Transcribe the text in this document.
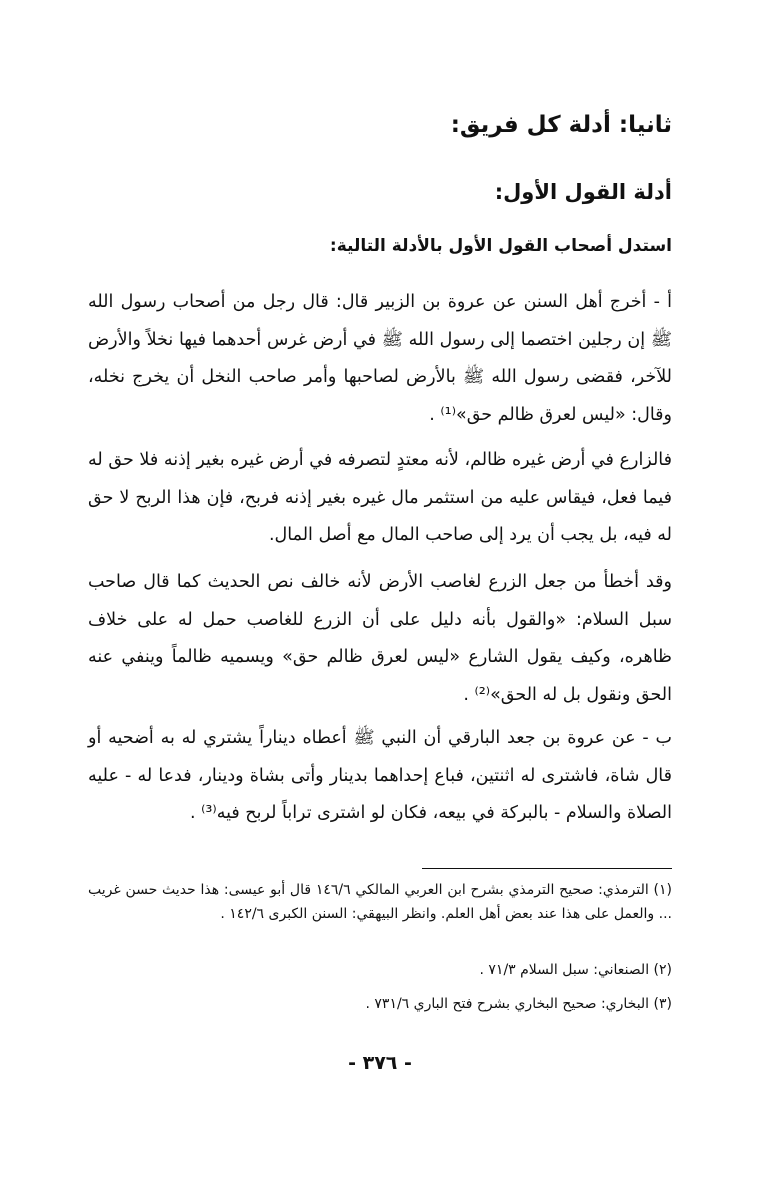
ثانيا: أدلة كل فريق:
أدلة القول الأول:

استدل أصحاب القول الأول بالأدلة التالية:

أ - أخرج أهل السنن عن عروة بن الزبير قال: قال رجل من أصحاب رسول الله ﷺ إن رجلين اختصما إلى رسول الله ﷺ في أرض غرس أحدهما فيها نخلاً والأرض للآخر، فقضى رسول الله ﷺ بالأرض لصاحبها وأمر صاحب النخل أن يخرج نخله، وقال: «ليس لعرق ظالم حق»⁽¹⁾ .

فالزارع في أرض غيره ظالم، لأنه معتدٍ لتصرفه في أرض غيره بغير إذنه فلا حق له فيما فعل، فيقاس عليه من استثمر مال غيره بغير إذنه فربح، فإن هذا الربح لا حق له فيه، بل يجب أن يرد إلى صاحب المال مع أصل المال.

وقد أخطأ من جعل الزرع لغاصب الأرض لأنه خالف نص الحديث كما قال صاحب سبل السلام: «والقول بأنه دليل على أن الزرع للغاصب حمل له على خلاف ظاهره، وكيف يقول الشارع «ليس لعرق ظالم حق» ويسميه ظالماً وينفي عنه الحق ونقول بل له الحق»⁽²⁾ .

ب - عن عروة بن جعد البارقي أن النبي ﷺ أعطاه ديناراً يشتري له به أضحيه أو قال شاة، فاشترى له اثنتين، فباع إحداهما بدينار وأتى بشاة ودينار، فدعا له - عليه الصلاة والسلام - بالبركة في بيعه، فكان لو اشترى تراباً لربح فيه⁽³⁾ .

(١) الترمذي: صحيح الترمذي بشرح ابن العربي المالكي ١٤٦/٦ قال أبو عيسى: هذا حديث حسن غريب ... والعمل على هذا عند بعض أهل العلم. وانظر البيهقي: السنن الكبرى ١٤٢/٦ .

(٢) الصنعاني: سبل السلام ٧١/٣ .

(٣) البخاري: صحيح البخاري بشرح فتح الباري ٧٣١/٦ .

- ٣٧٦ -
